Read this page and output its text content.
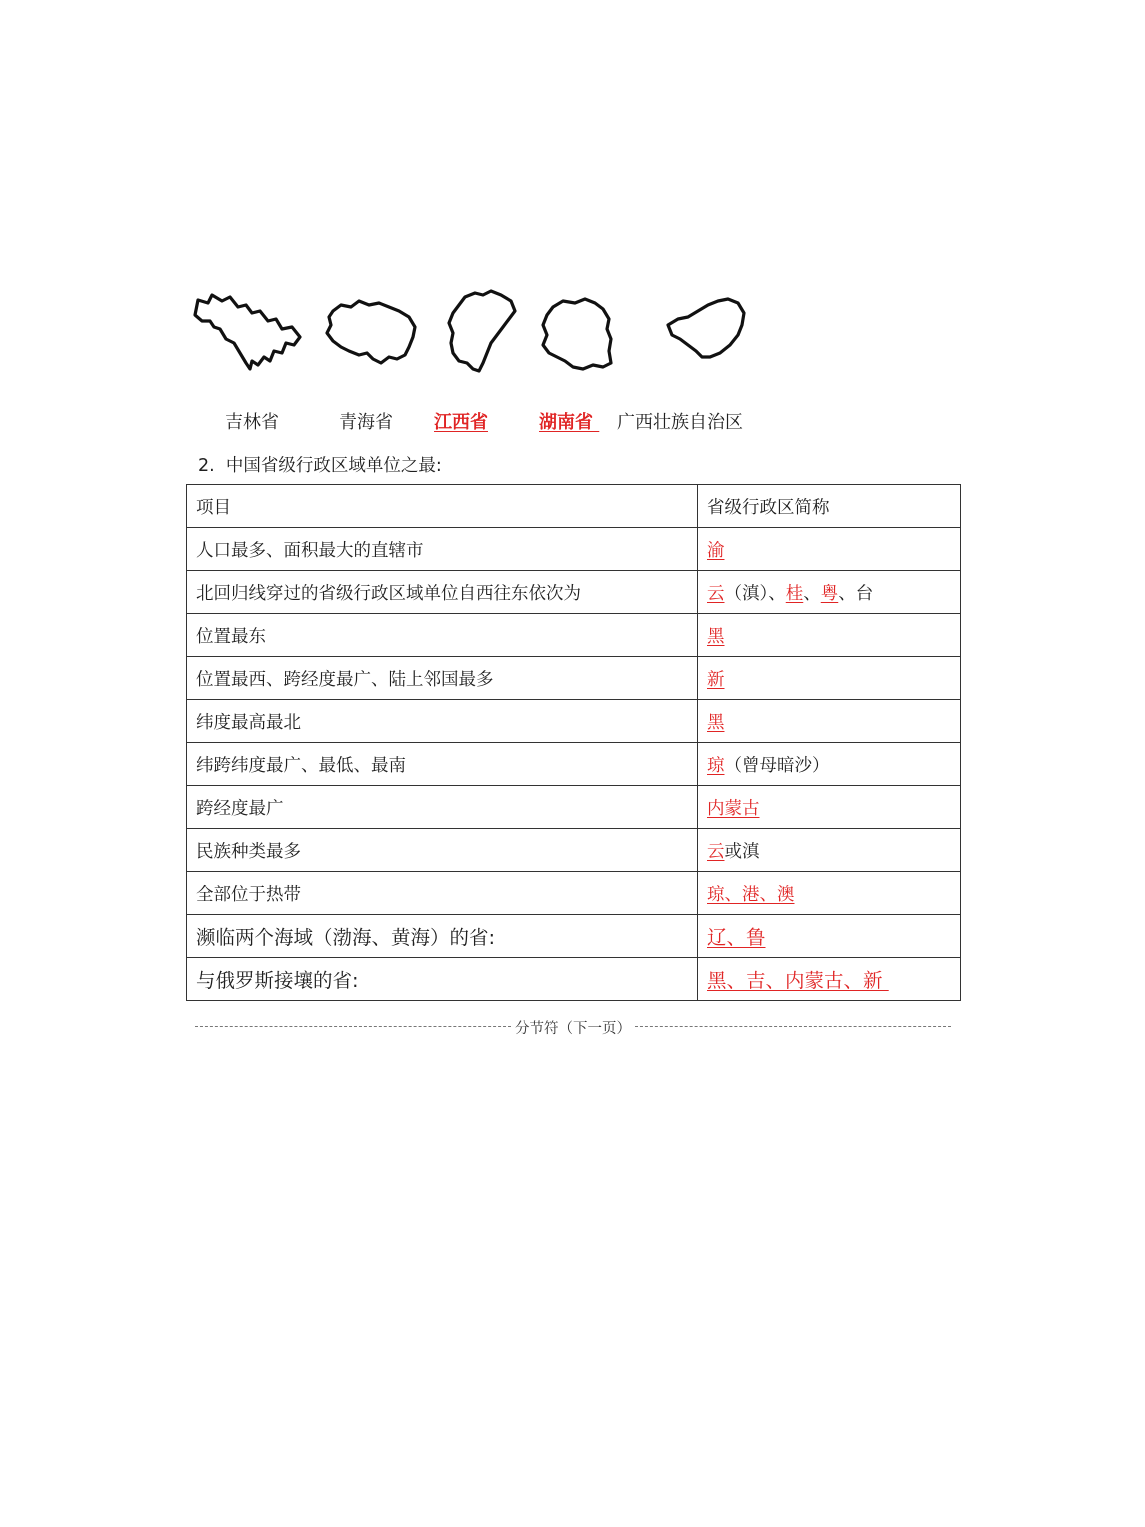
吉林省	青海省 江西省	湖南省 广西壮族自治区
2.  中国省级行政区域单位之最:
项目	省级行政区简称
人口最多、面积最大的直辖市	渝
北回归线穿过的省级行政区域单位自西往东依次为	云（滇）、桂、粤、台
位置最东	黑
位置最西、跨经度最广、陆上邻国最多	新
纬度最高最北	黑
纬跨纬度最广、最低、最南	琼（曾母暗沙）
跨经度最广	内蒙古
民族种类最多	云或滇
全部位于热带	琼、港、澳
濒临两个海域（渤海、黄海）的省:	辽、鲁
与俄罗斯接壤的省:	黑、吉、内蒙古、新
分节符（下一页）
